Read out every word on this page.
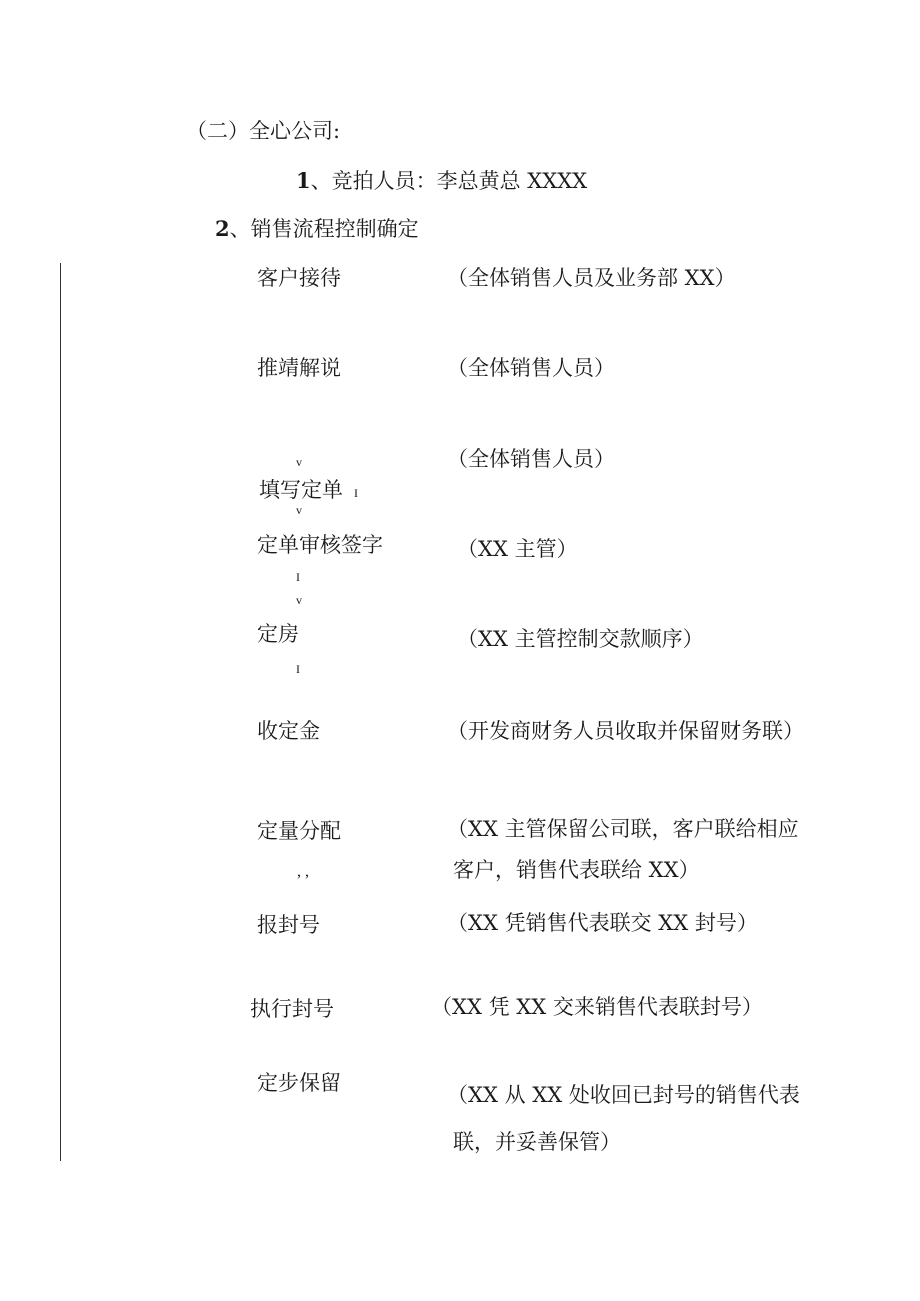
（二）全心公司:
1、竞拍人员：李总黄总 XXXX
2、销售流程控制确定
客户接待
推靖解说
填写定单
定单审核签字
定房
收定金
定量分配
报封号
执行封号
定步保留
（全体销售人员及业务部 XX）
（全体销售人员）
（全体销售人员）
（XX 主管）
（XX 主管控制交款顺序）
（开发商财务人员收取并保留财务联）
（XX 主管保留公司联，客户联给相应
客户，销售代表联给 XX）
（XX 凭销售代表联交 XX 封号）
（XX 凭 XX 交来销售代表联封号）
（XX 从 XX 处收回已封号的销售代表
联，并妥善保管）
v
I
v
I
v
I
, ,
